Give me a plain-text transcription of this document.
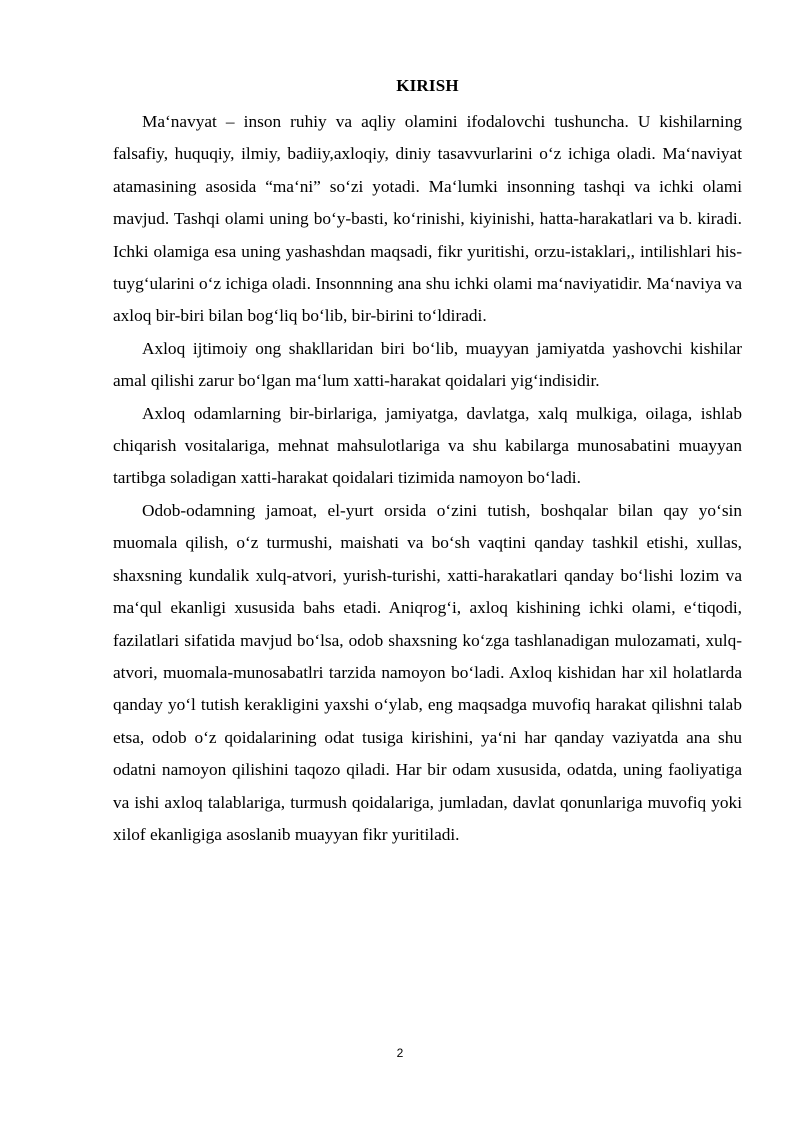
KIRISH

Ma‘navyat – inson ruhiy va aqliy olamini ifodalovchi tushuncha. U kishilarning falsafiy, huquqiy, ilmiy, badiiy,axloqiy, diniy tasavvurlarini o‘z ichiga oladi. Ma‘naviyat atamasining asosida “ma‘ni” so‘zi yotadi. Ma‘lumki insonning tashqi va ichki olami mavjud. Tashqi olami uning bo‘y-basti, ko‘rinishi, kiyinishi, hatta-harakatlari va b. kiradi. Ichki olamiga esa uning yashashdan maqsadi, fikr yuritishi, orzu-istaklari,, intilishlari his-tuyg‘ularini o‘z ichiga oladi. Insonnning ana shu ichki olami ma‘naviyatidir. Ma‘naviya va axloq bir-biri bilan bog‘liq bo‘lib, bir-birini to‘ldiradi.

Axloq ijtimoiy ong shakllaridan biri bo‘lib, muayyan jamiyatda yashovchi kishilar amal qilishi zarur bo‘lgan ma‘lum xatti-harakat qoidalari yig‘indisidir.

Axloq odamlarning bir-birlariga, jamiyatga, davlatga, xalq mulkiga, oilaga, ishlab chiqarish vositalariga, mehnat mahsulotlariga va shu kabilarga munosabatini muayyan tartibga soladigan xatti-harakat qoidalari tizimida namoyon bo‘ladi.

Odob-odamning jamoat, el-yurt orsida o‘zini tutish, boshqalar bilan qay yo‘sin muomala qilish, o‘z turmushi, maishati va bo‘sh vaqtini qanday tashkil etishi, xullas, shaxsning kundalik xulq-atvori, yurish-turishi, xatti-harakatlari qanday bo‘lishi lozim va ma‘qul ekanligi xususida bahs etadi. Aniqrog‘i, axloq kishining ichki olami, e‘tiqodi, fazilatlari sifatida mavjud bo‘lsa, odob shaxsning ko‘zga tashlanadigan mulozamati, xulq-atvori, muomala-munosabatlri tarzida namoyon bo‘ladi. Axloq kishidan har xil holatlarda qanday yo‘l tutish kerakligini yaxshi o‘ylab, eng maqsadga muvofiq harakat qilishni talab etsa, odob o‘z qoidalarining odat tusiga kirishini, ya‘ni har qanday vaziyatda ana shu odatni namoyon qilishini taqozo qiladi. Har bir odam xususida, odatda, uning faoliyatiga va ishi axloq talablariga, turmush qoidalariga, jumladan, davlat qonunlariga muvofiq yoki xilof ekanligiga asoslanib muayyan fikr yuritiladi.

2
